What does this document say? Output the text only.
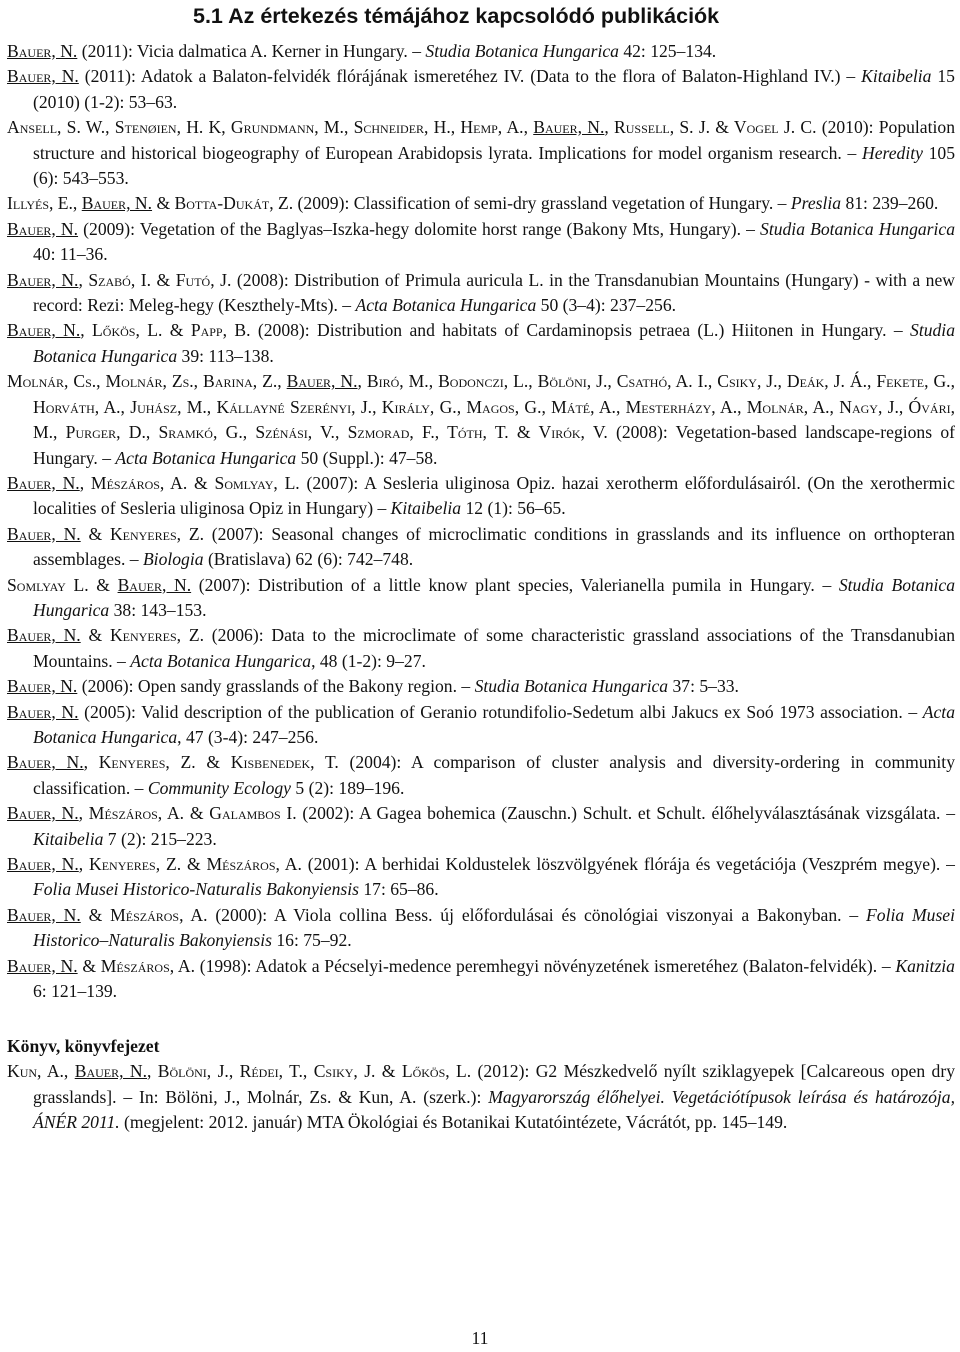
5.1 Az értekezés témájához kapcsolódó publikációk

Bauer, N. (2011): Vicia dalmatica A. Kerner in Hungary. – Studia Botanica Hungarica 42: 125–134.

Bauer, N. (2011): Adatok a Balaton-felvidék flórájának ismeretéhez IV. (Data to the flora of Balaton-Highland IV.) – Kitaibelia 15 (2010) (1-2): 53–63.

Ansell, S. W., Stenøien, H. K, Grundmann, M., Schneider, H., Hemp, A., Bauer, N., Russell, S. J. & Vogel J. C. (2010): Population structure and historical biogeography of European Arabidopsis lyrata. Implications for model organism research. – Heredity 105 (6): 543–553.

Illyés, E., Bauer, N. & Botta-Dukát, Z. (2009): Classification of semi-dry grassland vegetation of Hungary. – Preslia 81: 239–260.

Bauer, N. (2009): Vegetation of the Baglyas–Iszka-hegy dolomite horst range (Bakony Mts, Hungary). – Studia Botanica Hungarica 40: 11–36.

Bauer, N., Szabó, I. & Futó, J. (2008): Distribution of Primula auricula L. in the Transdanubian Mountains (Hungary) - with a new record: Rezi: Meleg-hegy (Keszthely-Mts). – Acta Botanica Hungarica 50 (3–4): 237–256.

Bauer, N., Lőkös, L. & Papp, B. (2008): Distribution and habitats of Cardaminopsis petraea (L.) Hiitonen in Hungary. – Studia Botanica Hungarica 39: 113–138.

Molnár, Cs., Molnár, Zs., Barina, Z., Bauer, N., Biró, M., Bodonczi, L., Bölöni, J., Csathó, A. I., Csiky, J., Deák, J. Á., Fekete, G., Horváth, A., Juhász, M., Kállayné Szerényi, J., Király, G., Magos, G., Máté, A., Mesterházy, A., Molnár, A., Nagy, J., Óvári, M., Purger, D., Sramkó, G., Szénási, V., Szmorad, F., Tóth, T. & Virók, V. (2008): Vegetation-based landscape-regions of Hungary. – Acta Botanica Hungarica 50 (Suppl.): 47–58.

Bauer, N., Mészáros, A. & Somlyay, L. (2007): A Sesleria uliginosa Opiz. hazai xerotherm előfordulásairól. (On the xerothermic localities of Sesleria uliginosa Opiz in Hungary) – Kitaibelia 12 (1): 56–65.

Bauer, N. & Kenyeres, Z. (2007): Seasonal changes of microclimatic conditions in grasslands and its influence on orthopteran assemblages. – Biologia (Bratislava) 62 (6): 742–748.

Somlyay L. & Bauer, N. (2007): Distribution of a little know plant species, Valerianella pumila in Hungary. – Studia Botanica Hungarica 38: 143–153.

Bauer, N. & Kenyeres, Z. (2006): Data to the microclimate of some characteristic grassland associations of the Transdanubian Mountains. – Acta Botanica Hungarica, 48 (1-2): 9–27.

Bauer, N. (2006): Open sandy grasslands of the Bakony region. – Studia Botanica Hungarica 37: 5–33.

Bauer, N. (2005): Valid description of the publication of Geranio rotundifolio-Sedetum albi Jakucs ex Soó 1973 association. – Acta Botanica Hungarica, 47 (3-4): 247–256.

Bauer, N., Kenyeres, Z. & Kisbenedek, T. (2004): A comparison of cluster analysis and diversity-ordering in community classification. – Community Ecology 5 (2): 189–196.

Bauer, N., Mészáros, A. & Galambos I. (2002): A Gagea bohemica (Zauschn.) Schult. et Schult. élőhelyválasztásának vizsgálata. – Kitaibelia 7 (2): 215–223.

Bauer, N., Kenyeres, Z. & Mészáros, A. (2001): A berhidai Koldustelek löszvölgyének flórája és vegetációja (Veszprém megye). – Folia Musei Historico-Naturalis Bakonyiensis 17: 65–86.

Bauer, N. & Mészáros, A. (2000): A Viola collina Bess. új előfordulásai és cönológiai viszonyai a Bakonyban. – Folia Musei Historico–Naturalis Bakonyiensis 16: 75–92.

Bauer, N. & Mészáros, A. (1998): Adatok a Pécselyi-medence peremhegyi növényzetének ismeretéhez (Balaton-felvidék). – Kanitzia 6: 121–139.

Könyv, könyvfejezet

Kun, A., Bauer, N., Bölöni, J., Rédei, T., Csiky, J. & Lőkös, L. (2012): G2 Mészkedvelő nyílt sziklagyepek [Calcareous open dry grasslands]. – In: Bölöni, J., Molnár, Zs. & Kun, A. (szerk.): Magyarország élőhelyei. Vegetációtípusok leírása és határozója, ÁNÉR 2011. (megjelent: 2012. január) MTA Ökológiai és Botanikai Kutatóintézete, Vácrátót, pp. 145–149.

11
